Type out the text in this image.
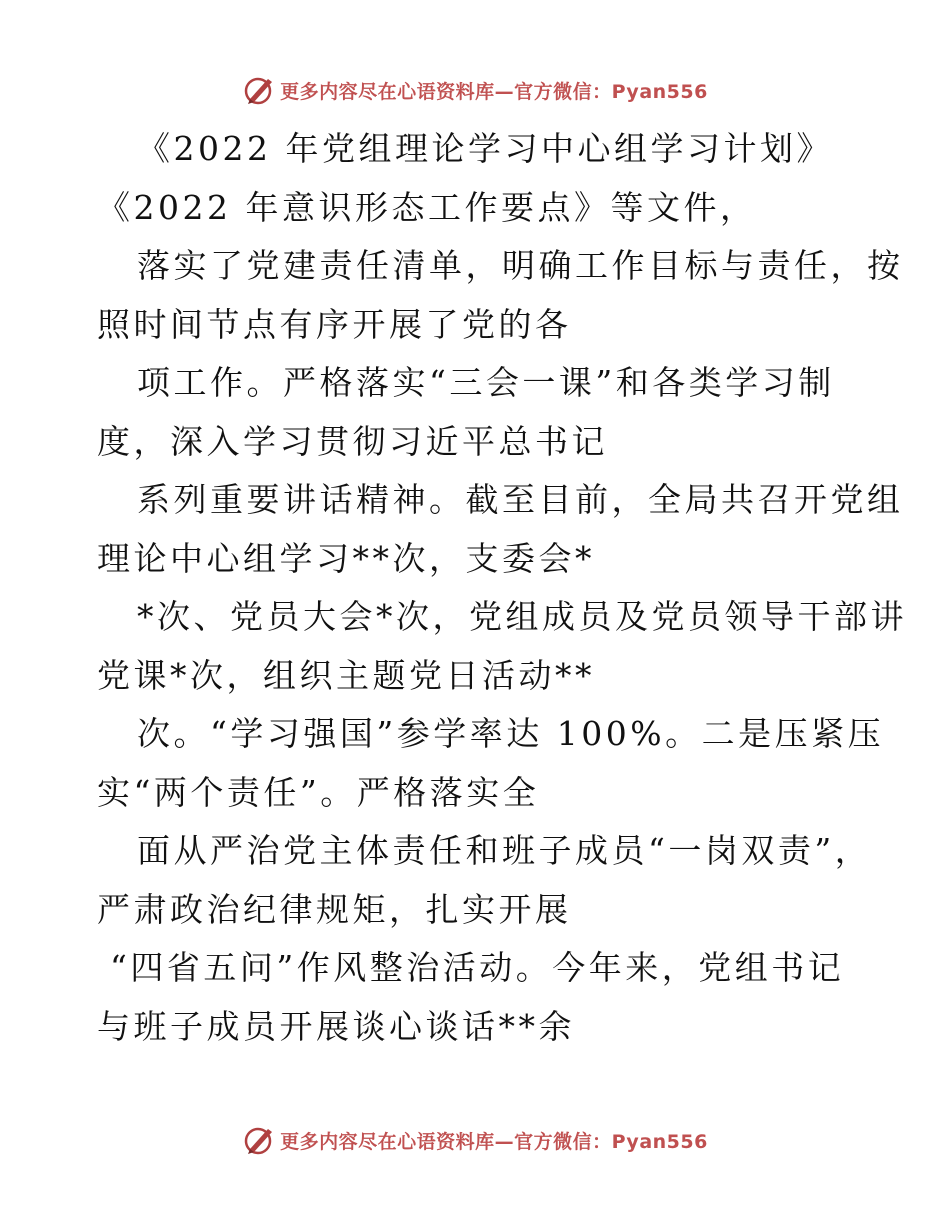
更多内容尽在心语资料库—官方微信：Pyan556
《2022 年党组理论学习中心组学习计划》
《2022 年意识形态工作要点》等文件，
落实了党建责任清单，明确工作目标与责任，按
照时间节点有序开展了党的各
项工作。严格落实“三会一课”和各类学习制
度，深入学习贯彻习近平总书记
系列重要讲话精神。截至目前，全局共召开党组
理论中心组学习**次，支委会*
*次、党员大会*次，党组成员及党员领导干部讲
党课*次，组织主题党日活动**
次。“学习强国”参学率达 100%。二是压紧压
实“两个责任”。严格落实全
面从严治党主体责任和班子成员“一岗双责”，
严肃政治纪律规矩，扎实开展
“四省五问”作风整治活动。今年来，党组书记
与班子成员开展谈心谈话**余
更多内容尽在心语资料库—官方微信：Pyan556
